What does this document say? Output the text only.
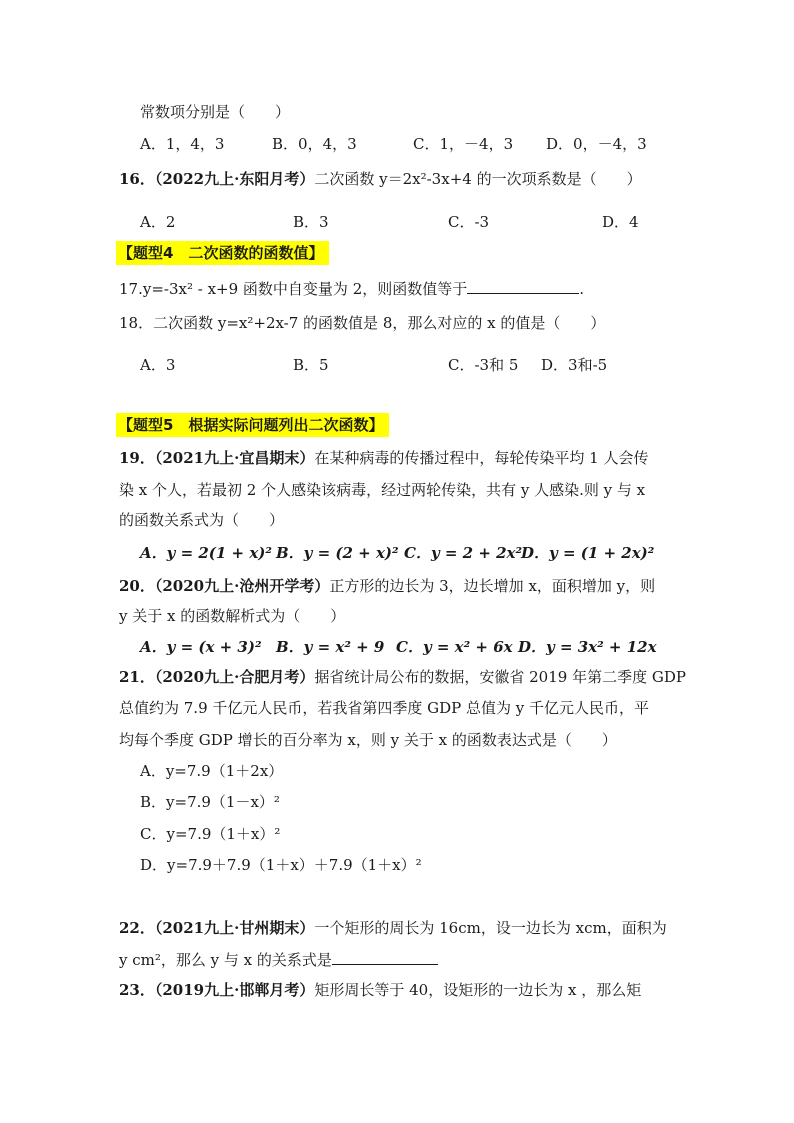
常数项分别是（　　）
A．1，4，3	B．0，4，3	C．1，－4，3 D．0，－4，3
16．（2022九上·东阳月考）二次函数 y＝2x²-3x+4 的一次项系数是（　　）
A．2	B．3	C．-3	D．4
【题型4　二次函数的函数值】
17.y=-3x² - x+9 函数中自变量为 2，则函数值等于	.
18．二次函数 y=x²+2x-7 的函数值是 8，那么对应的 x 的值是（　　）
A．3	B．5	C．-3和 5 D．3和-5
【题型5　根据实际问题列出二次函数】
19．（2021九上·宜昌期末）在某种病毒的传播过程中，每轮传染平均 1 人会传
染 x 个人，若最初 2 个人感染该病毒，经过两轮传染，共有 y 人感染.则 y 与 x
的函数关系式为（　　）
A．y = 2(1 + x)² B．y = (2 + x)² C．y = 2 + 2x²
D．y = (1 + 2x)²
20．（2020九上·沧州开学考）正方形的边长为 3，边长增加 x，面积增加 y，则
y 关于 x 的函数解析式为（　　）
A．y = (x + 3)² B．y = x² + 9 C．y = x² + 6x D．y = 3x² + 12x
21．（2020九上·合肥月考）据省统计局公布的数据，安徽省 2019 年第二季度 GDP
总值约为 7.9 千亿元人民币，若我省第四季度 GDP 总值为 y 千亿元人民币，平
均每个季度 GDP 增长的百分率为 x，则 y 关于 x 的函数表达式是（　　）
A．y=7.9（1＋2x）
B．y=7.9（1－x）²
C．y=7.9（1＋x）²
D．y=7.9＋7.9（1＋x）＋7.9（1＋x）²
22．（2021九上·甘州期末）一个矩形的周长为 16cm，设一边长为 xcm，面积为
y cm²，那么 y 与 x 的关系式是
23．（2019九上·邯郸月考）矩形周长等于 40，设矩形的一边长为 x ，那么矩
